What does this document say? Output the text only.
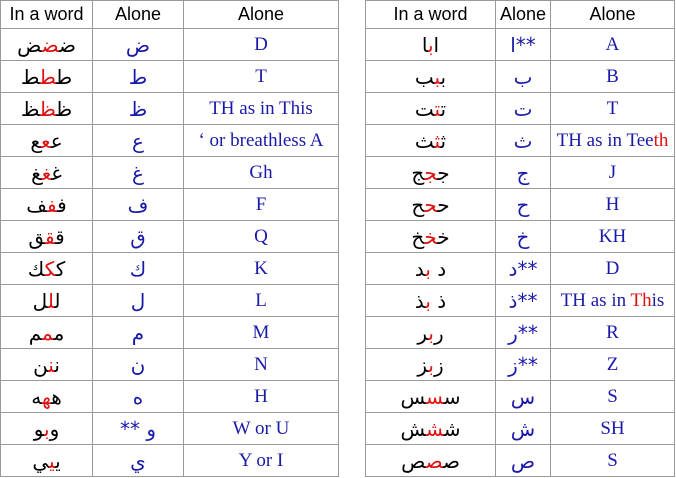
In a word	Alone	Alone		In a word	Alone	Alone
ضضض	ض	D		ابا	ا**	A
ططط	ط	T		ببب	ب	B
ظظظ	ظ	TH as in This		تتت	ت	T
ععع	ع	‘ or breathless A		ثثث	ث	TH as in Teeth
غغغ	غ	Gh		ججج	ج	J
ففف	ف	F		ححح	ح	H
ققق	ق	Q		خخخ	خ	KH
ككك	ك	K		د بد	د**	D
للل	ل	L		ذ بذ	ذ**	TH as in This
ممم	م	M		ربر	ر**	R
ننن	ن	N		زبز	ز**	Z
ههه	ه	H		سسس	س	S
وبو	** و	W or U		ششش	ش	SH
ييي	ي	Y or I		صصص	ص	S
